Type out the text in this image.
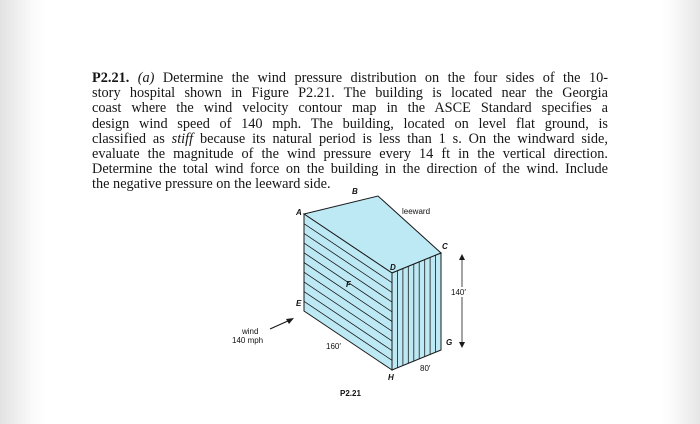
P2.21. (a) Determine the wind pressure distribution on the four sides of the 10-
story hospital shown in Figure P2.21. The building is located near the Georgia
coast where the wind velocity contour map in the ASCE Standard specifies a
design wind speed of 140 mph. The building, located on level flat ground, is
classified as stiff because its natural period is less than 1 s. On the windward side,
evaluate the magnitude of the wind pressure every 14 ft in the vertical direction.
Determine the total wind force on the building in the direction of the wind. Include
the negative pressure on the leeward side.
wind
140 mph
A
B
C
D
E
F
G
H
leeward
140′
160′
80′
P2.21
